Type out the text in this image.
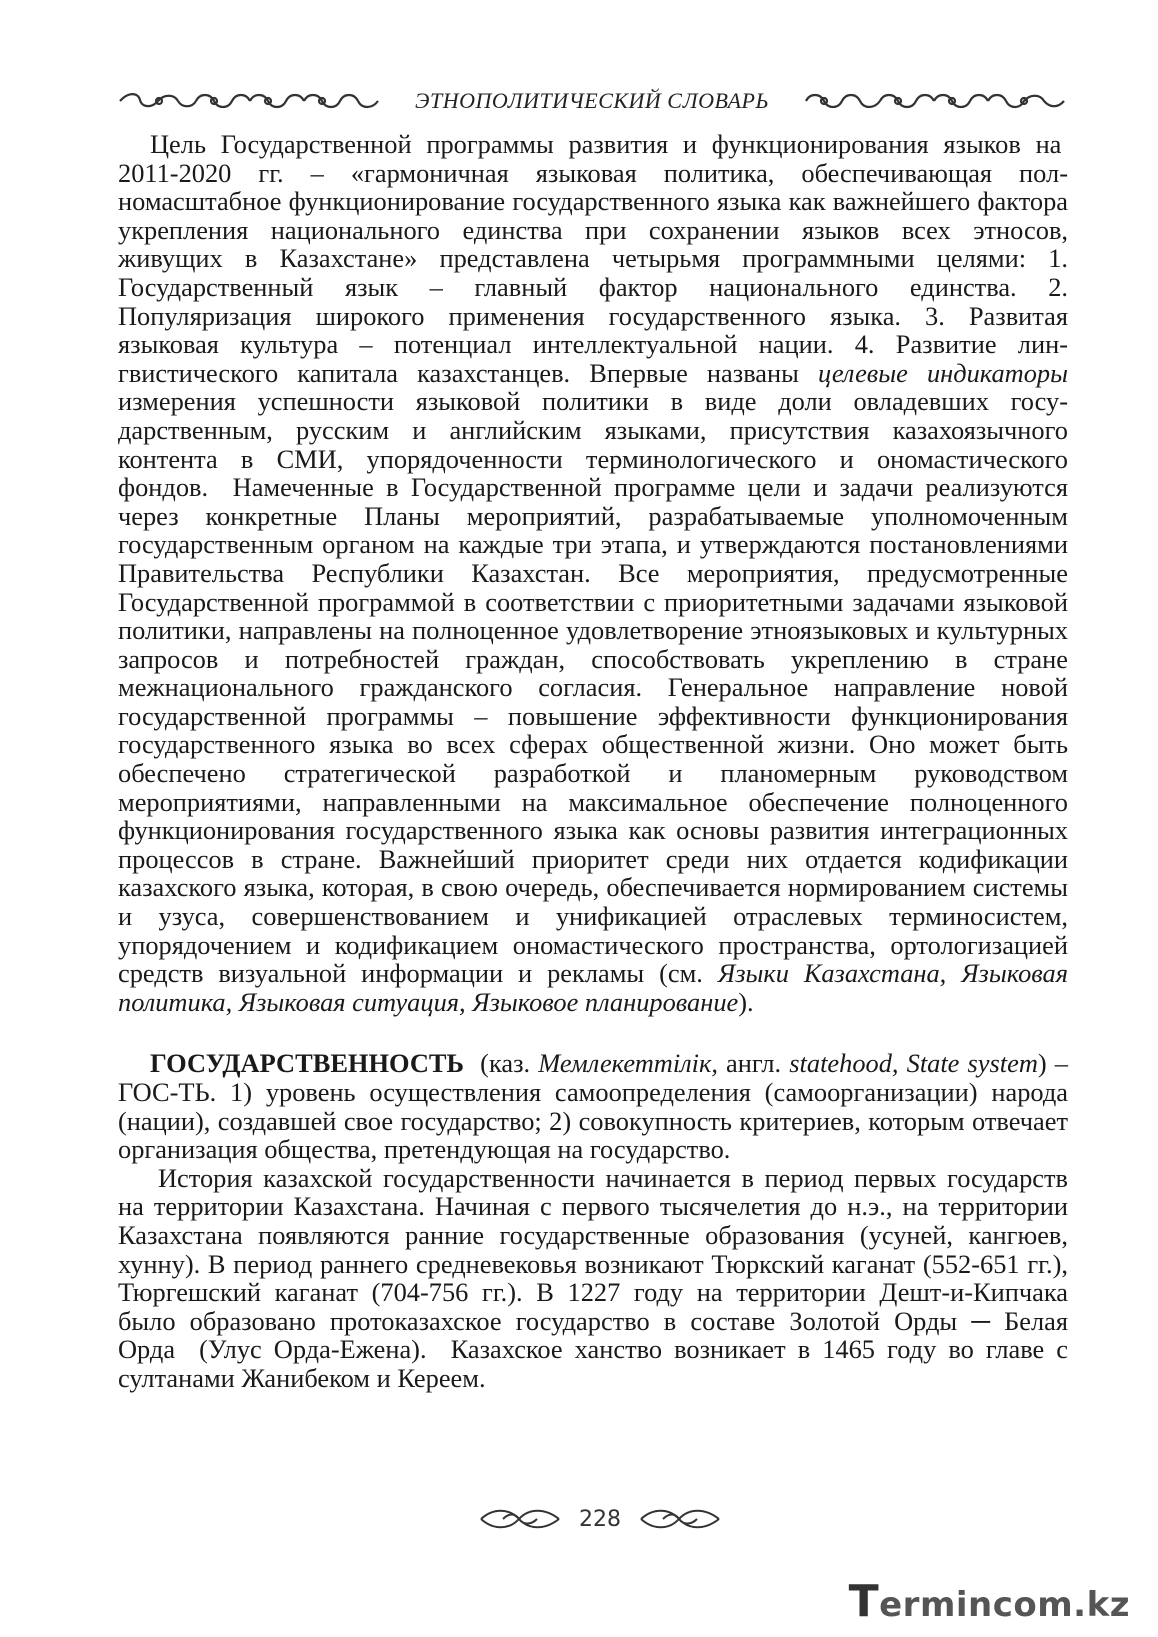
ЭТНОПОЛИТИЧЕСКИЙ СЛОВАРЬ

Цель Государственной программы развития и функционирования языков на  2011-2020 гг. – «гармоничная языковая политика, обеспечивающая полномасштабное функционирование государственного языка как важнейшего фактора укрепления национального единства при сохранении языков всех этносов, живущих в Казахстане» представлена четырьмя программными целями: 1. Государственный язык – главный фактор национального единства. 2. Популяризация широкого применения государственного языка. 3. Развитая языковая культура – потенциал интеллектуальной нации. 4. Развитие лингвистического капитала казахстанцев. Впервые названы целевые индикаторы измерения успешности языковой политики в виде доли овладевших государственным, русским и английским языками, присутствия казахоязычного контента в СМИ, упорядоченности терминологического и ономастического фондов.  Намеченные в Государственной программе цели и задачи реализуются через конкретные Планы мероприятий, разрабатываемые уполномоченным государственным органом на каждые три этапа, и утверждаются постановлениями Правительства Республики Казахстан. Все мероприятия, предусмотренные Государственной программой в соответствии с приоритетными задачами языковой политики, направлены на полноценное удовлетворение этноязыковых и культурных запросов и потребностей граждан, способствовать укреплению в стране межнационального гражданского согласия. Генеральное направление новой государственной программы – повышение эффективности функционирования государственного языка во всех сферах общественной жизни. Оно может быть обеспечено стратегической разработкой и планомерным руководством мероприятиями, направленными на максимальное обеспечение полноценного функционирования государственного языка как основы развития интеграционных процессов в стране. Важнейший приоритет среди них отдается кодификации казахского языка, которая, в свою очередь, обеспечивается нормированием системы и узуса, совершенствованием и унификацией отраслевых терминосистем, упорядочением и кодификацием ономастического пространства, ортологизацией средств визуальной информации и рекламы (см. Языки Казахстана, Языковая политика, Языковая ситуация, Языковое планирование).

ГОСУДАРСТВЕННОСТЬ  (каз. Мемлекеттілік, англ. statehood, State system) – ГОС-ТЬ. 1) уровень осуществления самоопределения (самоорганизации) народа (нации), создавшей свое государство; 2) совокупность критериев, которым отвечает организация общества, претендующая на государство.

История казахской государственности начинается в период первых государств на территории Казахстана. Начиная с первого тысячелетия до н.э., на территории Казахстана появляются ранние государственные образования (усуней, кангюев, хунну). В период раннего средневековья возникают Тюркский каганат (552-651 гг.), Тюргешский каганат (704-756 гг.). В 1227 году на территории Дешт-и-Кипчака было образовано протоказахское государство в составе Золотой Орды ─ Белая Орда  (Улус Орда-Ежена).  Казахское ханство возникает в 1465 году во главе с султанами Жанибеком и Кереем.

228
Termincom.kz
